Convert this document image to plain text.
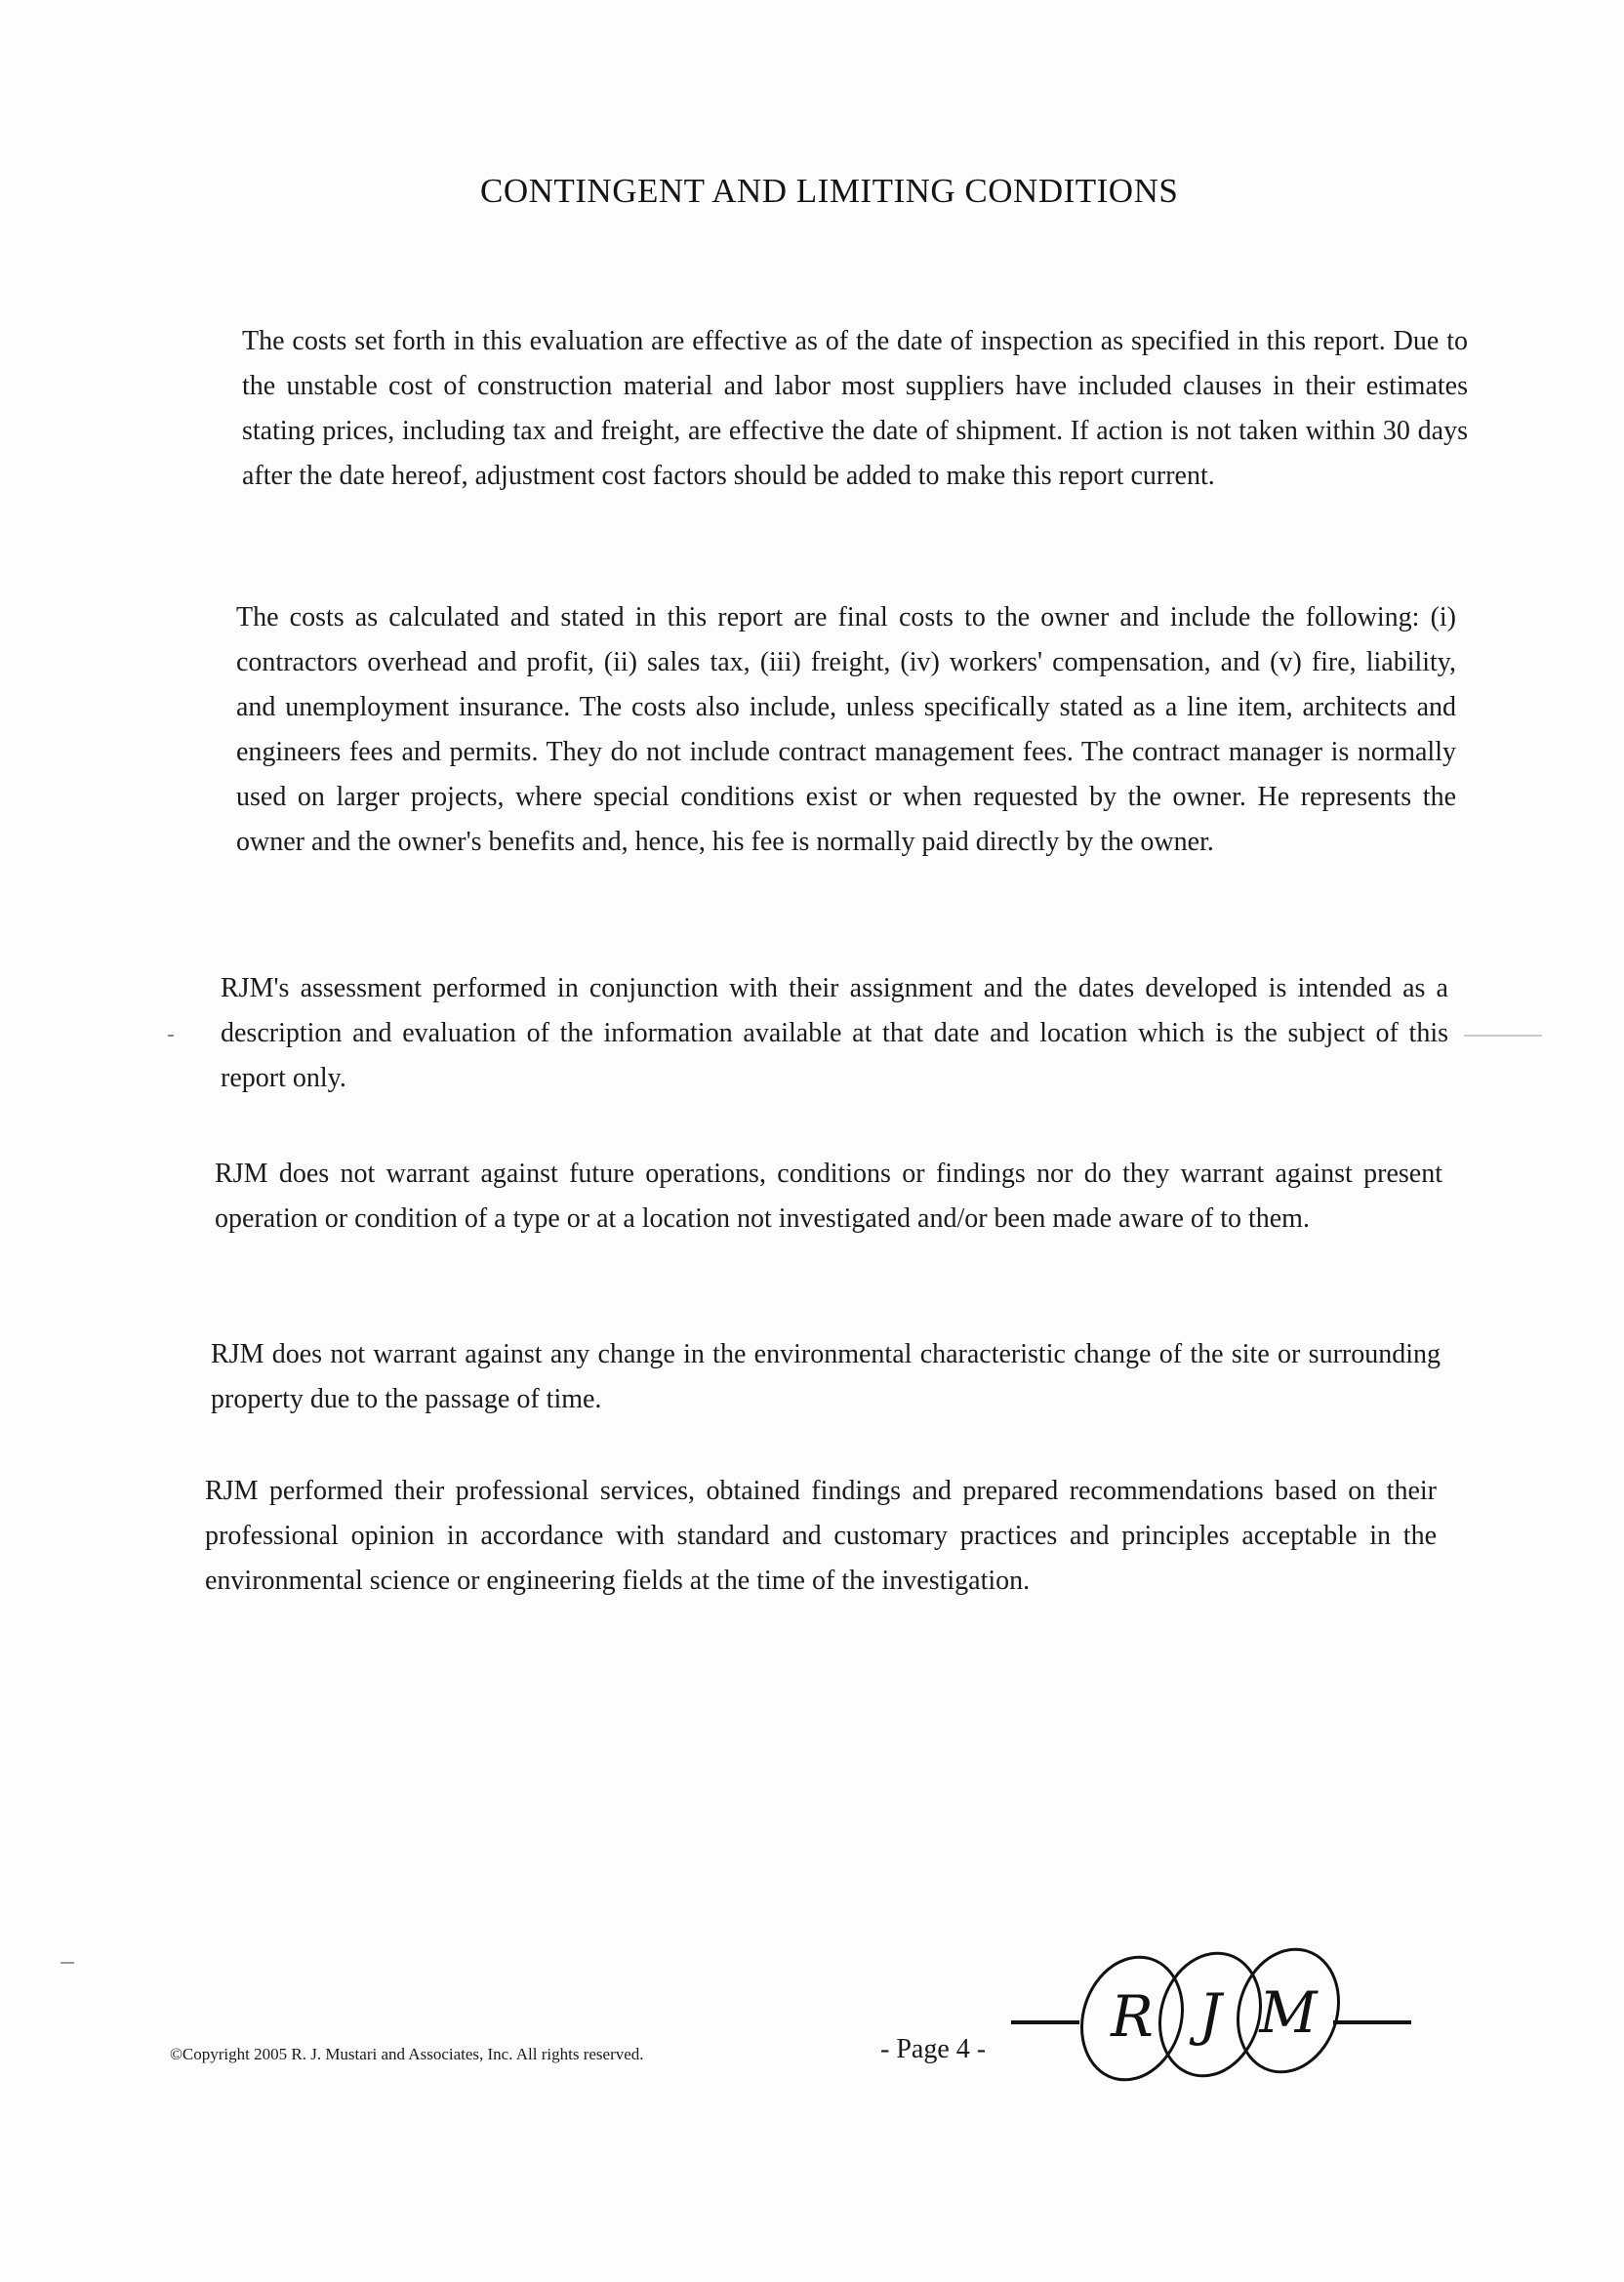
CONTINGENT AND LIMITING CONDITIONS

The costs set forth in this evaluation are effective as of the date of inspection as specified in this report. Due to the unstable cost of construction material and labor most suppliers have included clauses in their estimates stating prices, including tax and freight, are effective the date of shipment. If action is not taken within 30 days after the date hereof, adjustment cost factors should be added to make this report current.

The costs as calculated and stated in this report are final costs to the owner and include the following: (i) contractors overhead and profit, (ii) sales tax, (iii) freight, (iv) workers' compensation, and (v) fire, liability, and unemployment insurance. The costs also include, unless specifically stated as a line item, architects and engineers fees and permits. They do not include contract management fees. The contract manager is normally used on larger projects, where special conditions exist or when requested by the owner. He represents the owner and the owner's benefits and, hence, his fee is normally paid directly by the owner.

RJM's assessment performed in conjunction with their assignment and the dates developed is intended as a description and evaluation of the information available at that date and location which is the subject of this report only.

RJM does not warrant against future operations, conditions or findings nor do they warrant against present operation or condition of a type or at a location not investigated and/or been made aware of to them.

RJM does not warrant against any change in the environmental characteristic change of the site or surrounding property due to the passage of time.

RJM performed their professional services, obtained findings and prepared recommendations based on their professional opinion in accordance with standard and customary practices and principles acceptable in the environmental science or engineering fields at the time of the investigation.

©Copyright 2005 R. J. Mustari and Associates, Inc. All rights reserved.	- Page 4 - R J M
